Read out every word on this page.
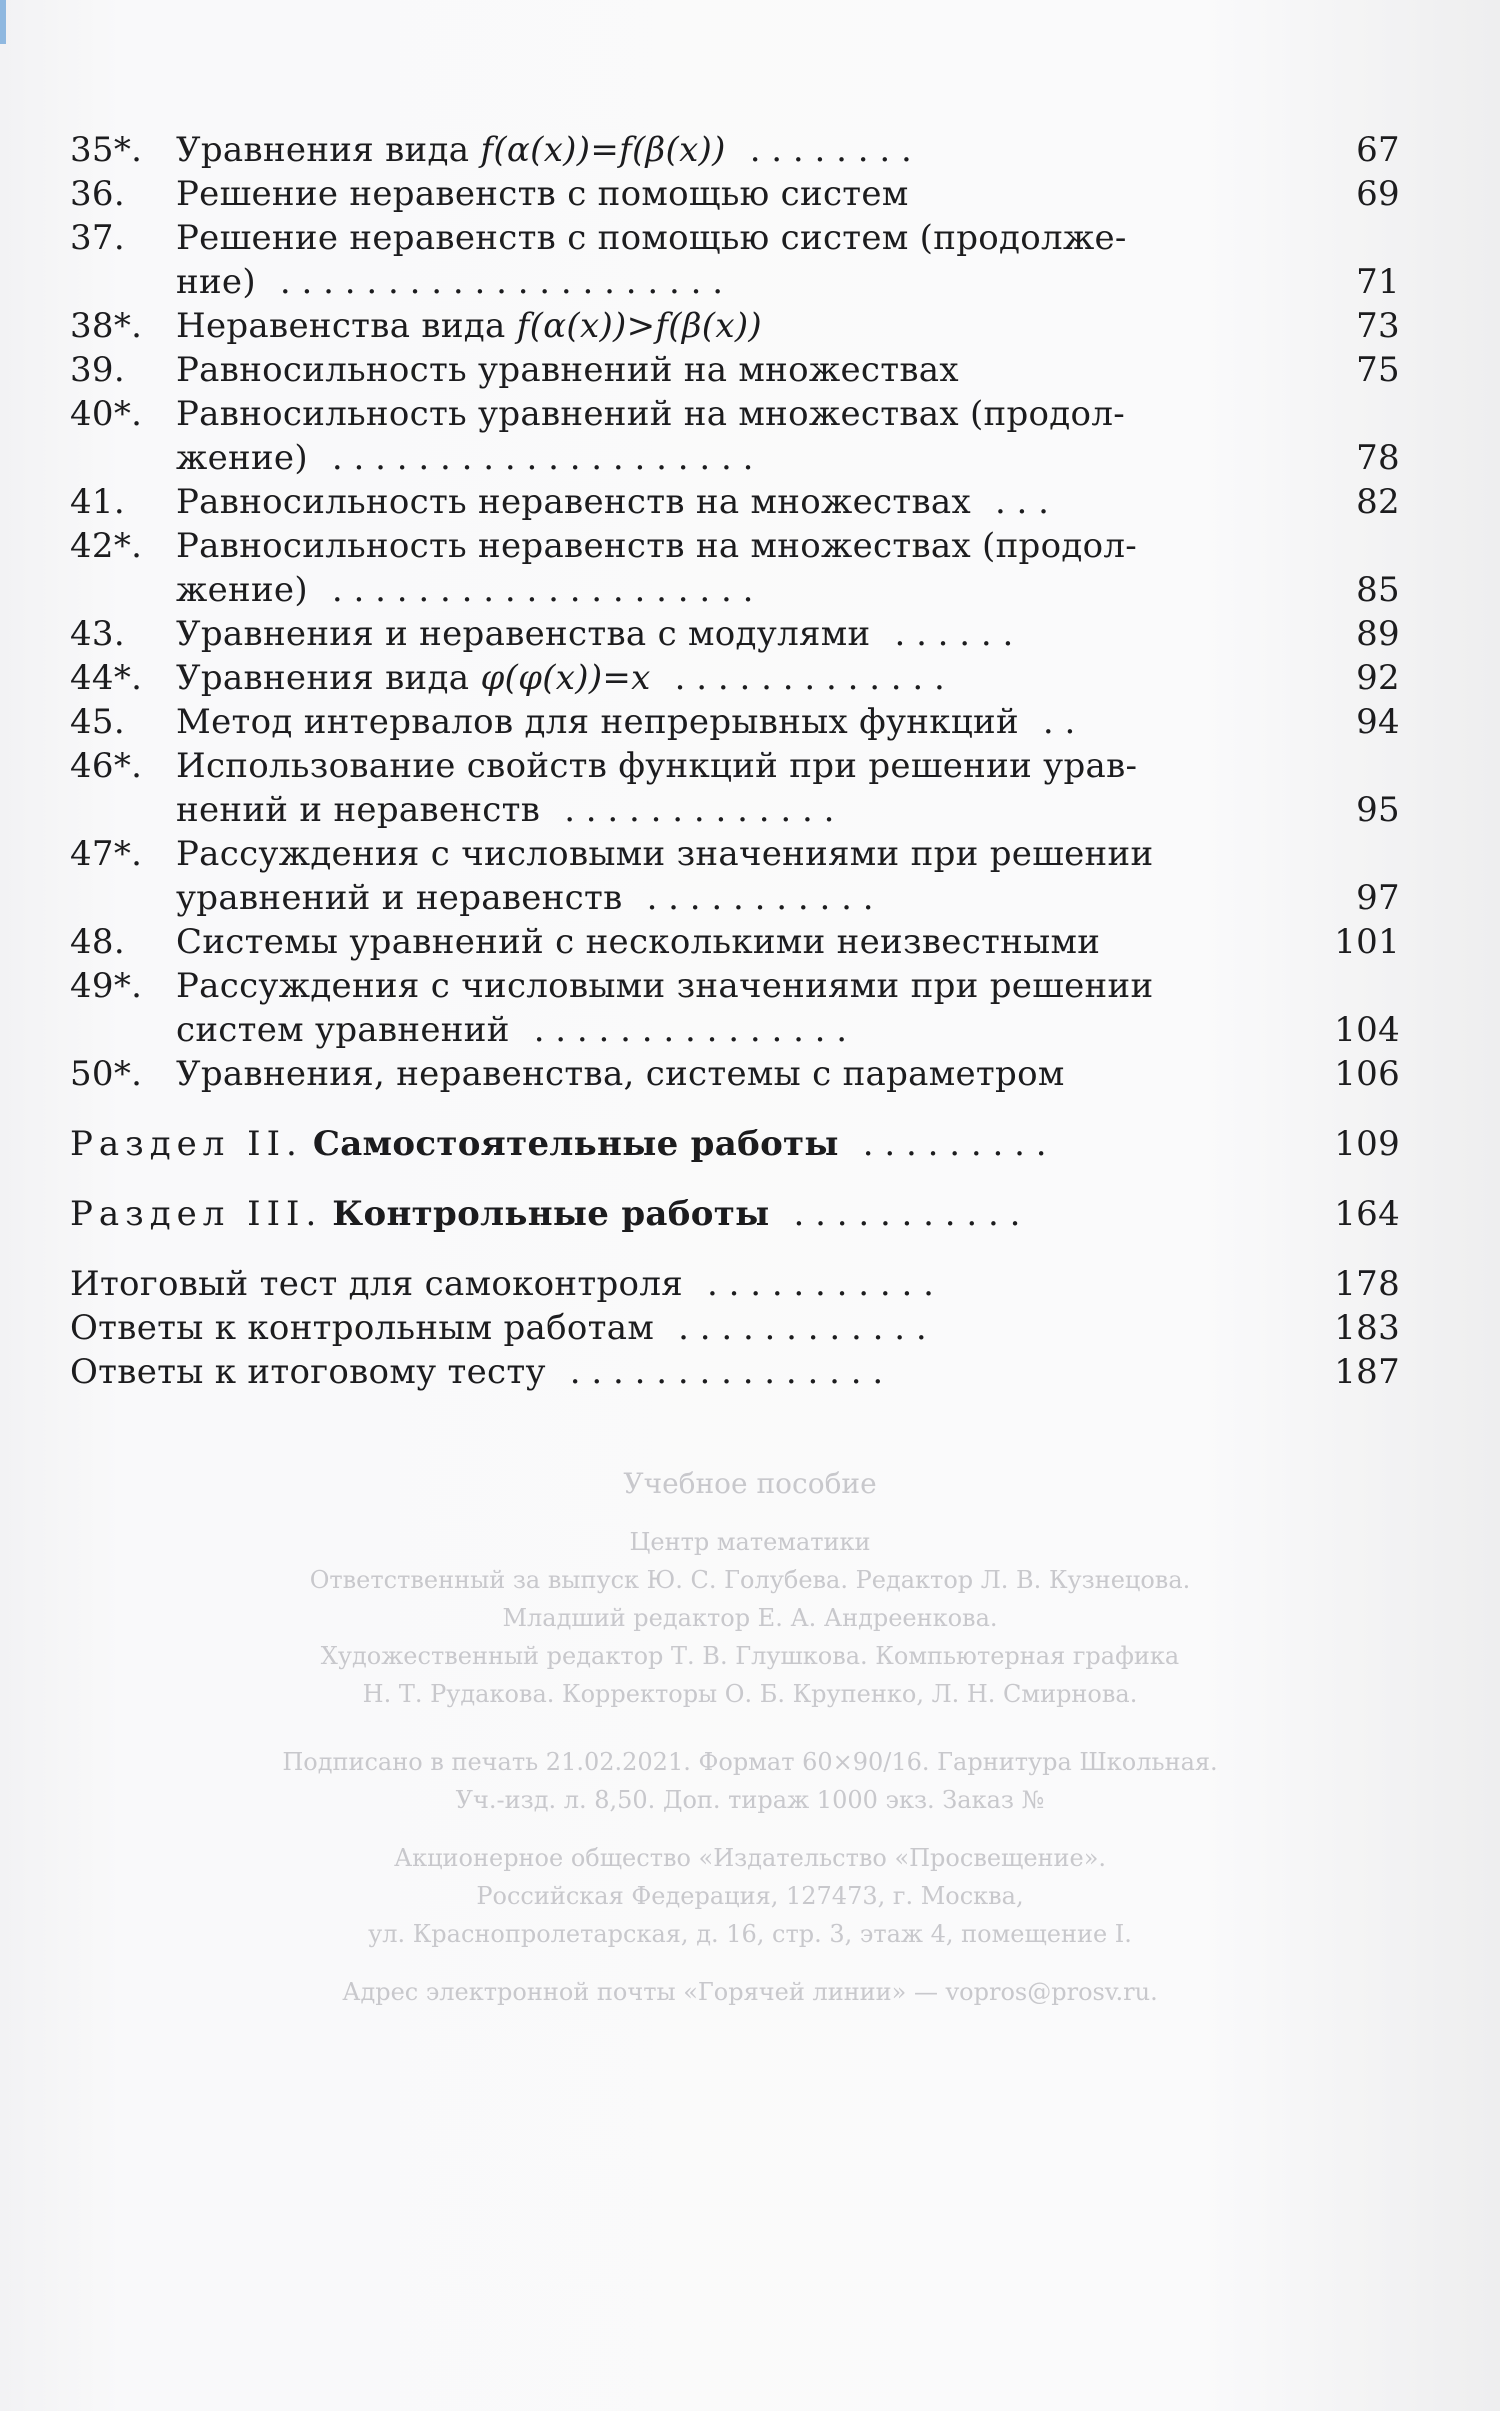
35*. Уравнения вида f(α(x))=f(β(x)) . . . . . . . .	67
36. Решение неравенств с помощью систем	69
37. Решение неравенств с помощью систем (продолже-
ние) . . . . . . . . . . . . . . . . . . . . .	71
38*. Неравенства вида f(α(x))>f(β(x))	73
39. Равносильность уравнений на множествах	75
40*. Равносильность уравнений на множествах (продол-
жение) . . . . . . . . . . . . . . . . . . . .	78
41. Равносильность неравенств на множествах . . .	82
42*. Равносильность неравенств на множествах (продол-
жение) . . . . . . . . . . . . . . . . . . . .	85
43. Уравнения и неравенства с модулями . . . . . .	89
44*. Уравнения вида φ(φ(x))=x . . . . . . . . . . . . .	92
45. Метод интервалов для непрерывных функций . .	94
46*. Использование свойств функций при решении урав-
нений и неравенств . . . . . . . . . . . . .	95
47*. Рассуждения с числовыми значениями при решении
уравнений и неравенств . . . . . . . . . . .	97
48. Системы уравнений с несколькими неизвестными	101
49*. Рассуждения с числовыми значениями при решении
систем уравнений . . . . . . . . . . . . . . .	104
50*. Уравнения, неравенства, системы с параметром	106
Раздел II. Самостоятельные работы . . . . . . . . .	109
Раздел III. Контрольные работы . . . . . . . . . . .	164
Итоговый тест для самоконтроля . . . . . . . . . . .	178
Ответы к контрольным работам . . . . . . . . . . . .	183
Ответы к итоговому тесту . . . . . . . . . . . . . . .	187
Учебное пособие
Центр математики
Ответственный за выпуск Ю. С. Голубева. Редактор Л. В. Кузнецова.
Младший редактор Е. А. Андреенкова.
Художественный редактор Т. В. Глушкова. Компьютерная графика
Н. Т. Рудакова. Корректоры О. Б. Крупенко, Л. Н. Смирнова.
Подписано в печать 21.02.2021. Формат 60×90/16. Гарнитура Школьная.
Уч.-изд. л. 8,50. Доп. тираж 1000 экз. Заказ №
Акционерное общество «Издательство «Просвещение».
Российская Федерация, 127473, г. Москва,
ул. Краснопролетарская, д. 16, стр. 3, этаж 4, помещение I.
Адрес электронной почты «Горячей линии» — vopros@prosv.ru.
